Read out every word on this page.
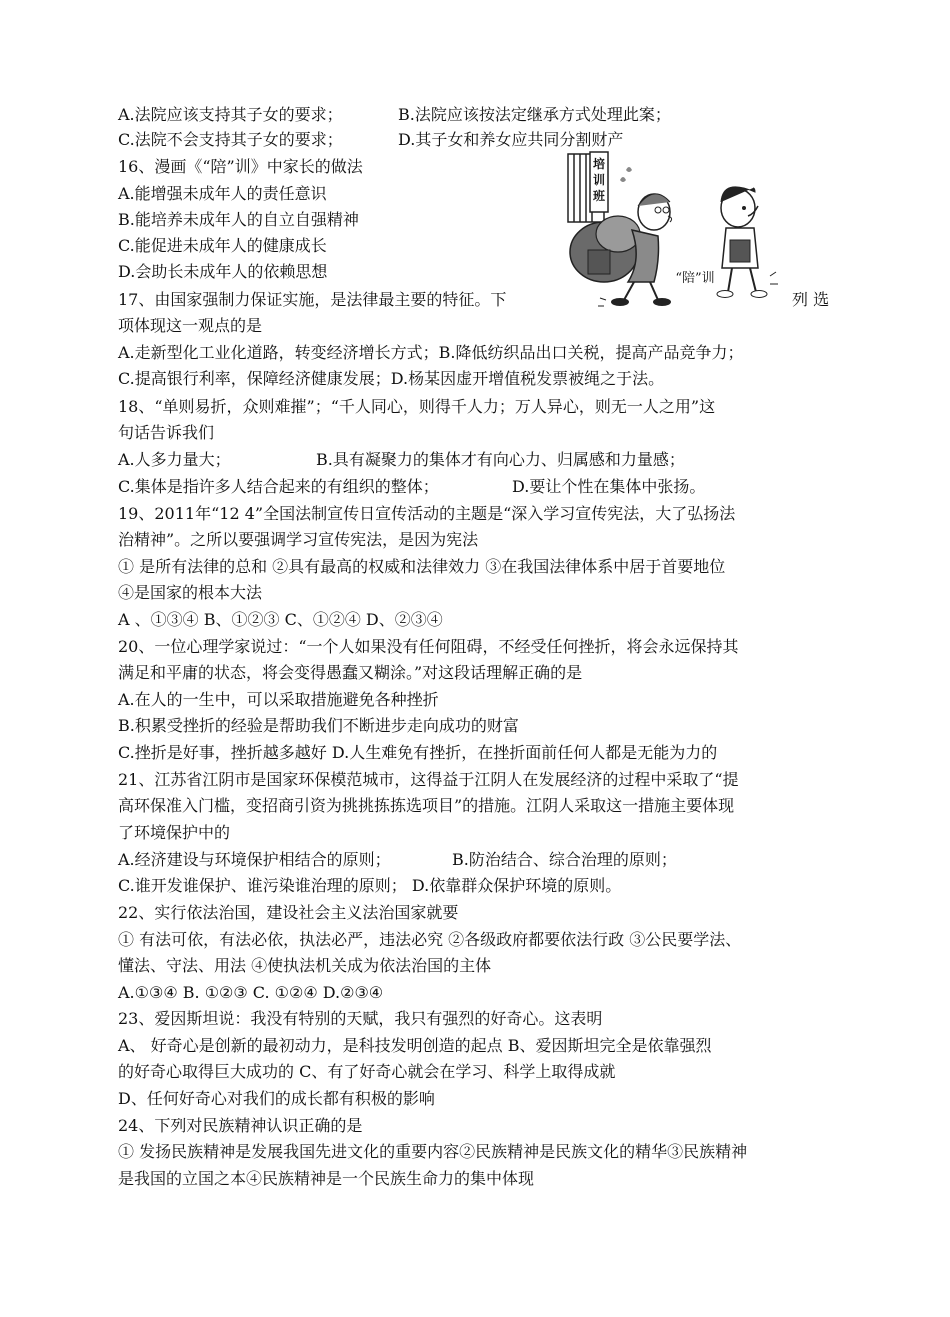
A.法院应该支持其子女的要求；	B.法院应该按法定继承方式处理此案；
C.法院不会支持其子女的要求；	D.其子女和养女应共同分割财产
16、漫画《“陪”训》中家长的做法
A.能增强未成年人的责任意识
B.能培养未成年人的自立自强精神
C.能促进未成年人的健康成长
D.会助长未成年人的依赖思想
17、由国家强制力保证实施，是法律最主要的特征。下	列 选
项体现这一观点的是
A.走新型化工业化道路，转变经济增长方式；B.降低纺织品出口关税，提高产品竞争力；
C.提高银行利率，保障经济健康发展；D.杨某因虚开增值税发票被绳之于法。
18、“单则易折，众则难摧”；“千人同心，则得千人力；万人异心，则无一人之用”这
句话告诉我们
A.人多力量大；	B.具有凝聚力的集体才有向心力、归属感和力量感；
C.集体是指许多人结合起来的有组织的整体；	D.要让个性在集体中张扬。
19、2011年“12 4”全国法制宣传日宣传活动的主题是“深入学习宣传宪法，大了弘扬法
治精神”。之所以要强调学习宣传宪法，是因为宪法
① 是所有法律的总和 ②具有最高的权威和法律效力 ③在我国法律体系中居于首要地位
④是国家的根本大法
A 、①③④ B、①②③ C、①②④ D、②③④
20、一位心理学家说过：“一个人如果没有任何阻碍，不经受任何挫折，将会永远保持其
满足和平庸的状态，将会变得愚蠢又糊涂。”对这段话理解正确的是
A.在人的一生中，可以采取措施避免各种挫折
B.积累受挫折的经验是帮助我们不断进步走向成功的财富
C.挫折是好事，挫折越多越好 D.人生难免有挫折，在挫折面前任何人都是无能为力的
21、江苏省江阴市是国家环保模范城市，这得益于江阴人在发展经济的过程中采取了“提
高环保准入门槛，变招商引资为挑挑拣拣选项目”的措施。江阴人采取这一措施主要体现
了环境保护中的
A.经济建设与环境保护相结合的原则；	B.防治结合、综合治理的原则；
C.谁开发谁保护、谁污染谁治理的原则； D.依靠群众保护环境的原则。
22、实行依法治国，建设社会主义法治国家就要
① 有法可依，有法必依，执法必严，违法必究 ②各级政府都要依法行政 ③公民要学法、
懂法、守法、用法 ④使执法机关成为依法治国的主体
A.①③④ B. ①②③ C. ①②④ D.②③④
23、爱因斯坦说：我没有特别的天赋，我只有强烈的好奇心。这表明
A、 好奇心是创新的最初动力，是科技发明创造的起点 B、爱因斯坦完全是依靠强烈
的好奇心取得巨大成功的 C、有了好奇心就会在学习、科学上取得成就
D、任何好奇心对我们的成长都有积极的影响
24、下列对民族精神认识正确的是
① 发扬民族精神是发展我国先进文化的重要内容②民族精神是民族文化的精华③民族精神
是我国的立国之本④民族精神是一个民族生命力的集中体现
培
训
班
“陪”训
